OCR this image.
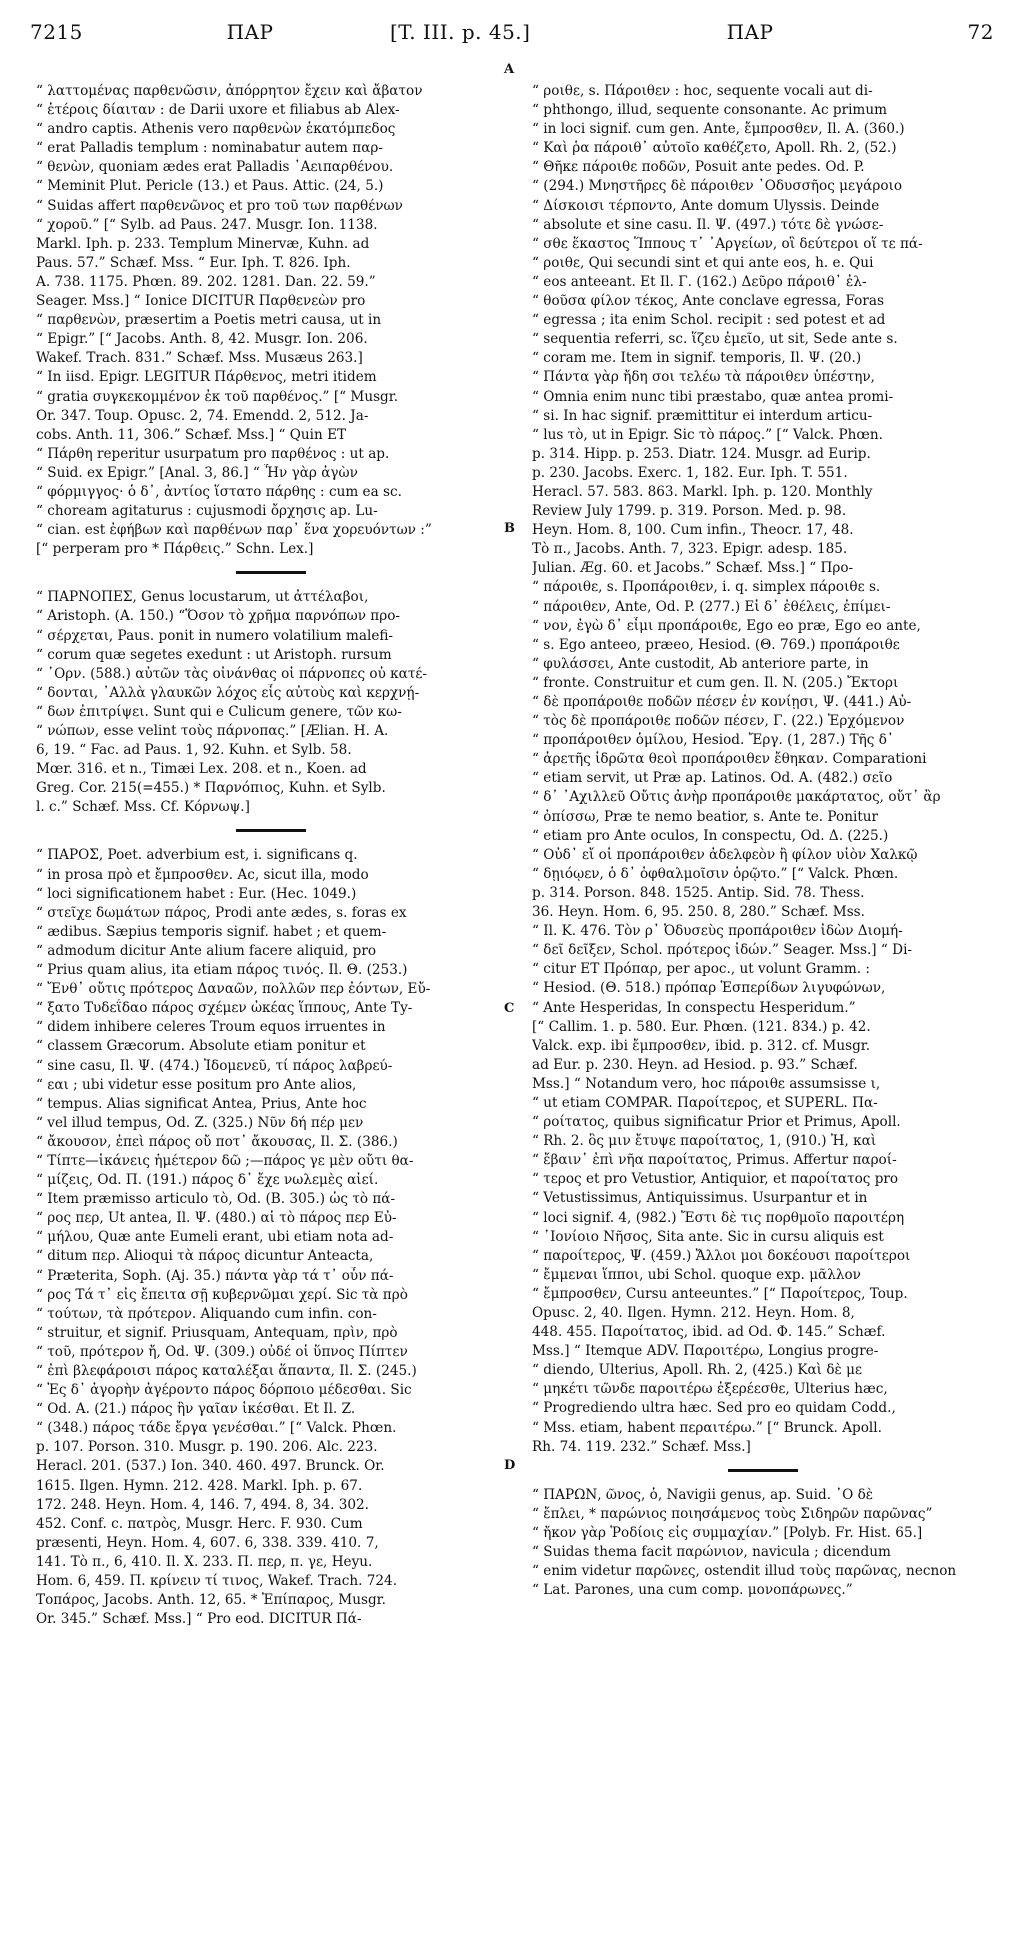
7215	ΠΑΡ	[T. III. p. 45.]	ΠΑΡ	72
“ λαττομένας παρθενῶσιν, ἀπόρρητον ἔχειν καὶ ἄβατον
“ ἑτέροις δίαιταν : de Darii uxore et filiabus ab Alex-
“ andro captis. Athenis vero παρθενὼν ἑκατόμπεδος
“ erat Palladis templum : nominabatur autem παρ-
“ θενὼν, quoniam ædes erat Palladis ᾿Αειπαρθένου.
“ Meminit Plut. Pericle (13.) et Paus. Attic. (24, 5.)
“ Suidas affert παρθενῶνος et pro τοῦ των παρθένων
“ χοροῦ.” [“ Sylb. ad Paus. 247. Musgr. Ion. 1138.
Markl. Iph. p. 233. Templum Minervæ, Kuhn. ad
Paus. 57.” Schæf. Mss. “ Eur. Iph. T. 826. Iph.
A. 738. 1175. Phœn. 89. 202. 1281. Dan. 22. 59.”
Seager. Mss.] “ Ionice DICITUR Παρθενεὼν pro
“ παρθενὼν, præsertim a Poetis metri causa, ut in
“ Epigr.” [“ Jacobs. Anth. 8, 42. Musgr. Ion. 206.
Wakef. Trach. 831.” Schæf. Mss. Musæus 263.]
“ In iisd. Epigr. LEGITUR Πάρθενος, metri itidem
“ gratia συγκεκομμένον ἐκ τοῦ παρθένος.” [“ Musgr.
Or. 347. Toup. Opusc. 2, 74. Emendd. 2, 512. Ja-
cobs. Anth. 11, 306.” Schæf. Mss.] “ Quin ET
“ Πάρθη reperitur usurpatum pro παρθένος : ut ap.
“ Suid. ex Epigr.” [Anal. 3, 86.] “ Ἦν γὰρ ἀγὼν
“ φόρμιγγος· ὁ δ᾽, ἀντίος ἵσταто πάρθης : cum ea sc.
“ choream agitaturus : cujusmodi ὄρχησις ap. Lu-
“ cian. est ἐφήβων καὶ παρθένων παρ᾽ ἕνα χορευόντων :”
[“ perperam pro * Πάρθεις.” Schn. Lex.]
“ ΠΑΡΝΟΠΕΣ, Genus locustarum, ut ἀττέλαβοι,
“ Aristoph. (A. 150.) “Ὅσον τὸ χρῆμα παρνόπων προ-
“ σέρχεται, Paus. ponit in numero volatilium malefi-
“ corum quæ segetes exedunt : ut Aristoph. rursum
“ ᾿Ορν. (588.) αὐτῶν τὰς οἰνάνθας οἱ πάρνοπες οὐ κατέ-
“ δονται, ᾽Αλλὰ γλαυκῶν λόχος εἷς αὐτοὺς καὶ κερχνῄ-
“ δων ἐπιτρίψει. Sunt qui e Culicum genere, τῶν κω-
“ νώπων, esse velint τοὺς πάρνοπας.” [Ælian. H. A.
6, 19. “ Fac. ad Paus. 1, 92. Kuhn. et Sylb. 58.
Mœr. 316. et n., Timæi Lex. 208. et n., Koen. ad
Greg. Cor. 215(=455.) * Παρνόπιος, Kuhn. et Sylb.
l. c.” Schæf. Mss. Cf. Κόρνωψ.]
“ ΠΑΡΟΣ, Poet. adverbium est, i. significans q.
“ in prosa πρὸ et ἔμπροσθεν. Ac, sicut illa, modo
“ loci significationem habet : Eur. (Hec. 1049.)
“ στεῖχε δωμάτων πάρος, Prodi ante ædes, s. foras ex
“ ædibus. Sæpius temporis signif. habet ; et quem-
“ admodum dicitur Ante alium facere aliquid, pro
“ Prius quam alius, ita etiam πάρος τινός. Il. Θ. (253.)
“ Ἔνθ᾽ οὔτις πρότερος Δαναῶν, πολλῶν περ ἐόντων, Εὔ-
“ ξατο Τυδεΐδαο πάρος σχέμεν ὠκέας ἵππους, Ante Ty-
“ didem inhibere celeres Troum equos irruentes in
“ classem Græcorum. Absolute etiam ponitur et
“ sine casu, Il. Ψ. (474.) Ἰδομενεῦ, τί πάρος λαβρεύ-
“ εαι ; ubi videtur esse positum pro Ante alios,
“ tempus. Alias significat Antea, Prius, Ante hoc
“ vel illud tempus, Od. Z. (325.) Νῦν δή πέρ μεν
“ ἄκουσον, ἐπεὶ πάρος οὔ ποτ᾽ ἄκουσας, Il. Σ. (386.)
“ Τίπτε—ἱκάνεις ἡμέτερον δῶ ;—πάρος γε μὲν οὔτι θα-
“ μίζεις, Od. Π. (191.) πάρος δ᾽ ἔχε νωλεμὲς αἰεί.
“ Item præmisso articulo τὸ, Od. (B. 305.) ὡς τὸ πά-
“ ρος περ, Ut antea, Il. Ψ. (480.) αἱ τὸ πάρος περ Εὐ-
“ μήλου, Quæ ante Eumeli erant, ubi etiam nota ad-
“ ditum περ. Alioqui τὰ πάρος dicuntur Anteacta,
“ Præterita, Soph. (Aj. 35.) πάντα γὰρ τά τ᾽ οὖν πά-
“ ρος Τά τ᾽ εἰς ἔπειτα σῇ κυβερνῶμαι χερί. Sic τὰ πρὸ
“ τούτων, τὰ πρότερον. Aliquando cum infin. con-
“ struitur, et signif. Priusquam, Antequam, πρὶν, πρὸ
“ τοῦ, πρότερον ἤ, Od. Ψ. (309.) οὐδέ οἱ ὕπνος Πίπτεν
“ ἐπὶ βλεφάροισι πάρος καταλέξαι ἅπαντα, Il. Σ. (245.)
“ Ἐς δ᾽ ἀγορὴν ἀγέροντο πάρος δόρποιο μέδεσθαι. Sic
“ Od. A. (21.) πάρος ἣν γαῖαν ἱκέσθαι. Et Il. Z.
“ (348.) πάρος τάδε ἔργα γενέσθαι.” [“ Valck. Phœn.
p. 107. Porson. 310. Musgr. p. 190. 206. Alc. 223.
Heracl. 201. (537.) Ion. 340. 460. 497. Brunck. Or.
1615. Ilgen. Hymn. 212. 428. Markl. Iph. p. 67.
172. 248. Heyn. Hom. 4, 146. 7, 494. 8, 34. 302.
452. Conf. c. πατρὸς, Musgr. Herc. F. 930. Cum
præsenti, Heyn. Hom. 4, 607. 6, 338. 339. 410. 7,
141. Τὸ π., 6, 410. Il. X. 233. Π. περ, π. γε, Heyu.
Hom. 6, 459. Π. κρίνειν τί τινος, Wakef. Trach. 724.
Τοπάρος, Jacobs. Anth. 12, 65. * Ἐπίπαρος, Musgr.
Or. 345.” Schæf. Mss.] “ Pro eod. DICITUR Πά-
“ ροιθε, s. Πάροιθεν : hoc, sequente vocali aut di-
“ phthongo, illud, sequente consonante. Ac primum
“ in loci signif. cum gen. Ante, ἔμπροσθεν, Il. A. (360.)
“ Καὶ ῥα πάροιθ᾽ αὐτοῖο καθέζετο, Apoll. Rh. 2, (52.)
“ Θῆκε πάροιθε ποδῶν, Posuit ante pedes. Od. P.
“ (294.) Μνηστῆρες δὲ πάροιθεν ᾿Οδυσσῆος μεγάροιο
“ Δίσκοισι τέρποντο, Ante domum Ulyssis. Deinde
“ absolute et sine casu. Il. Ψ. (497.) τότε δὲ γνώσε-
“ σθε ἕκαστος Ἵππους τ᾽ ᾿Αργείων, οἳ δεύτεροι οἵ τε πά-
“ ροιθε, Qui secundi sint et qui ante eos, h. e. Qui
“ eos anteeant. Et Il. Γ. (162.) Δεῦρο πάροιθ᾽ ἐλ-
“ θοῦσα φίλον τέκος, Ante conclave egressa, Foras
“ egressa ; ita enim Schol. recipit : sed potest et ad
“ sequentia referri, sc. ἵζευ ἐμεῖο, ut sit, Sede ante s.
“ coram me. Item in signif. temporis, Il. Ψ. (20.)
“ Πάντα γὰρ ἤδη σοι τελέω τὰ πάροιθεν ὑπέστην,
“ Omnia enim nunc tibi præstabo, quæ antea promi-
“ si. In hac signif. præmittitur ei interdum articu-
“ lus τὸ, ut in Epigr. Sic τὸ πάρος.” [“ Valck. Phœn.
p. 314. Hipp. p. 253. Diatr. 124. Musgr. ad Eurip.
p. 230. Jacobs. Exerc. 1, 182. Eur. Iph. T. 551.
Heracl. 57. 583. 863. Markl. Iph. p. 120. Monthly
Review July 1799. p. 319. Porson. Med. p. 98.
Heyn. Hom. 8, 100. Cum infin., Theocr. 17, 48.
Τὸ π., Jacobs. Anth. 7, 323. Epigr. adesp. 185.
Julian. Æg. 60. et Jacobs.” Schæf. Mss.] “ Προ-
“ πάροιθε, s. Προπάροιθεν, i. q. simplex πάροιθε s.
“ πάροιθεν, Ante, Od. P. (277.) Εἰ δ᾽ ἐθέλεις, ἐπίμει-
“ νον, ἐγὼ δ᾽ εἶμι προπάροιθε, Ego eo præ, Ego eo ante,
“ s. Ego anteeo, præeo, Hesiod. (Θ. 769.) προπάροιθε
“ φυλάσσει, Ante custodit, Ab anteriore parte, in
“ fronte. Construitur et cum gen. Il. N. (205.) Ἔκτορι
“ δὲ προπάροιθε ποδῶν πέσεν ἐν κονίῃσι, Ψ. (441.) Αὐ-
“ τὸς δὲ προπάροιθε ποδῶν πέσεν, Γ. (22.) Ἐρχόμενον
“ προπάροιθεν ὁμίλου, Hesiod. Ἔργ. (1, 287.) Τῆς δ᾽
“ ἀρετῆς ἱδρῶτα θεοὶ προπάροιθεν ἔθηκαν. Comparationi
“ etiam servit, ut Præ ap. Latinos. Od. A. (482.) σεῖο
“ δ᾽ ᾿Αχιλλεῦ Οὔτις ἀνὴρ προπάροιθε μακάρτατος, οὔτ᾽ ἂρ
“ ὀπίσσω, Præ te nemo beatior, s. Ante te. Ponitur
“ etiam pro Ante oculos, In conspectu, Od. Δ. (225.)
“ Οὐδ᾽ εἴ οἱ προπάροιθεν ἀδελφεὸν ἢ φίλον υἱὸν Χαλκῷ
“ δῃιόῳεν, ὁ δ᾽ ὀφθαλμοῖσιν ὁρῷτο.” [“ Valck. Phœn.
p. 314. Porson. 848. 1525. Antip. Sid. 78. Thess.
36. Heyn. Hom. 6, 95. 250. 8, 280.” Schæf. Mss.
“ Il. K. 476. Τὸν ρ᾽ Ὀδυσεὺς προπάροιθεν ἰδὼν Διομή-
“ δεῖ δεῖξεν, Schol. πρότερος ἰδών.” Seager. Mss.] “ Di-
“ citur ET Πρόπαρ, per apoc., ut volunt Gramm. :
“ Hesiod. (Θ. 518.) πρόπαρ Ἑσπερίδων λιγυφώνων,
“ Ante Hesperidas, In conspectu Hesperidum.”
[“ Callim. 1. p. 580. Eur. Phœn. (121. 834.) p. 42.
Valck. exp. ibi ἔμπροσθεν, ibid. p. 312. cf. Musgr.
ad Eur. p. 230. Heyn. ad Hesiod. p. 93.” Schæf.
Mss.] “ Notandum vero, hoc πάροιθε assumsisse ι,
“ ut etiam COMPAR. Παροίτερος, et SUPERL. Πα-
“ ροίτατος, quibus significatur Prior et Primus, Apoll.
“ Rh. 2. ὃς μιν ἔτυψε παροίτατος, 1, (910.) Ἠ, καὶ
“ ἔβαιν᾽ ἐπὶ νῆα παροίτατος, Primus. Affertur παροί-
“ τερος et pro Vetustior, Antiquior, et παροίτατος pro
“ Vetustissimus, Antiquissimus. Usurpantur et in
“ loci signif. 4, (982.) Ἔστι δὲ τις πορθμοῖο παροιτέρη
“ ᾿Ιονίοιο Νῆσος, Sita ante. Sic in cursu aliquis est
“ παροίτερος, Ψ. (459.) Ἄλλοι μοι δοκέουσι παροίτεροι
“ ἔμμεναι ἵπποι, ubi Schol. quoque exp. μᾶλλον
“ ἔμπροσθεν, Cursu anteeuntes.” [“ Παροίτερος, Toup.
Opusc. 2, 40. Ilgen. Hymn. 212. Heyn. Hom. 8,
448. 455. Παροίτατος, ibid. ad Od. Φ. 145.” Schæf.
Mss.] “ Itemque ADV. Παροιτέρω, Longius progre-
“ diendo, Ulterius, Apoll. Rh. 2, (425.) Καὶ δὲ με
“ μηκέτι τῶνδε παροιτέρω ἐξερέεσθε, Ulterius hæc,
“ Progrediendo ultra hæc. Sed pro eo quidam Codd.,
“ Mss. etiam, habent περαιτέρω.” [“ Brunck. Apoll.
Rh. 74. 119. 232.” Schæf. Mss.]
“ ΠΑΡΩΝ, ῶνος, ὁ, Navigii genus, ap. Suid. ᾿Ο δὲ
“ ἔπλει, * παρώνιος ποιησάμενος τοὺς Σιδηρῶν παρῶνας”
“ ἤκον γὰρ Ῥοδίοις εἰς συμμαχίαν.” [Polyb. Fr. Hist. 65.]
“ Suidas thema facit παρώνιον, navicula ; dicendum
“ enim videtur παρῶνες, ostendit illud τοὺς παρῶνας, necnon
“ Lat. Parones, una cum comp. μονοπάρωνες.”
A
B
C
D
